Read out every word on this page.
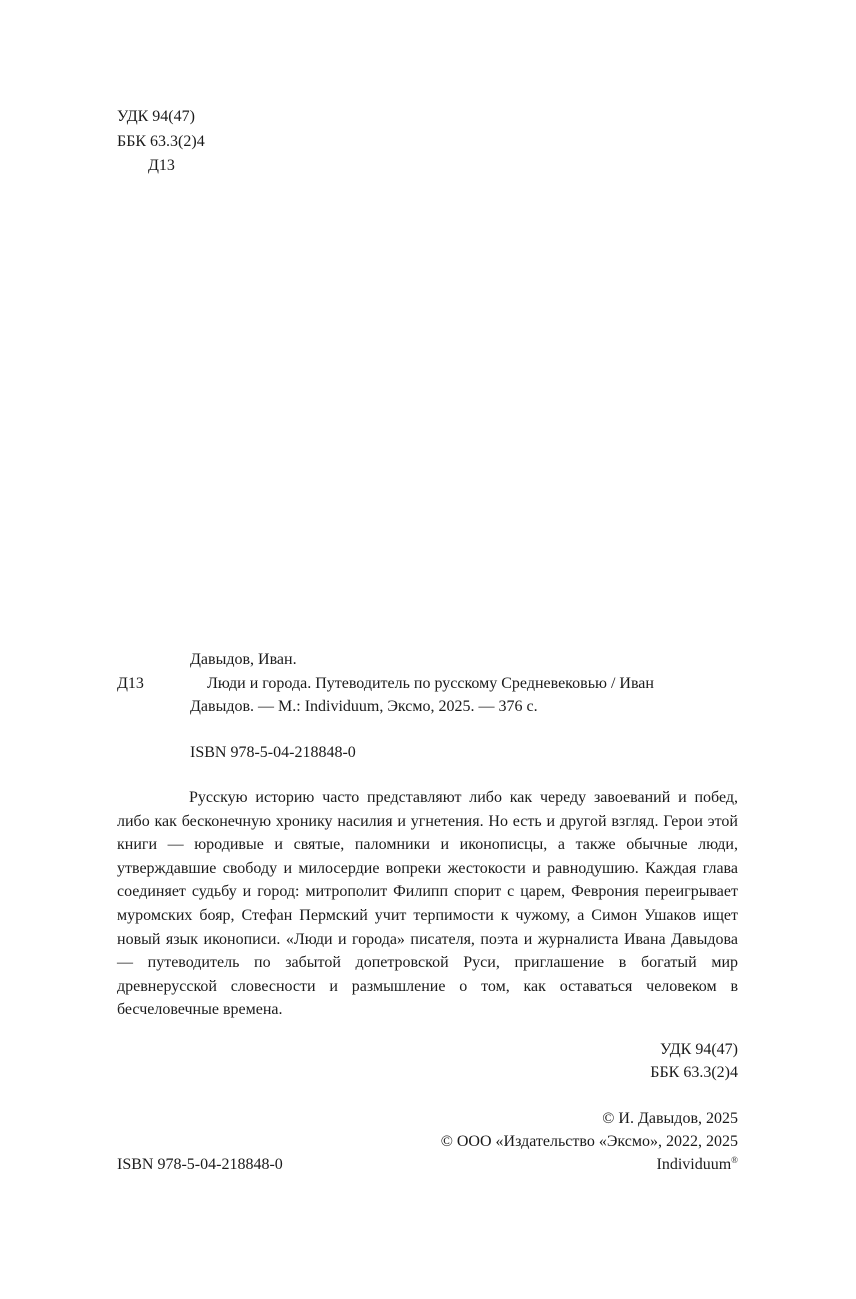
УДК 94(47)
ББК 63.3(2)4
Д13
Давыдов, Иван.
Д13	Люди и города. Путеводитель по русскому Средневековью / Иван
Давыдов. — М.: Individuum, Эксмо, 2025. — 376 с.
ISBN 978-5-04-218848-0

Русскую историю часто представляют либо как череду завоеваний и побед, либо как бесконечную хронику насилия и угнетения. Но есть и другой взгляд. Герои этой книги — юродивые и святые, паломники и иконописцы, а также обычные люди, утверждавшие свободу и милосердие вопреки жестокости и равнодушию. Каждая глава соединяет судьбу и город: митрополит Филипп спорит с царем, Феврония переигрывает муромских бояр, Стефан Пермский учит терпимости к чужому, а Симон Ушаков ищет новый язык иконописи. «Люди и города» писателя, поэта и журналиста Ивана Давыдова — путеводитель по забытой допетровской Руси, приглашение в богатый мир древнерусской словесности и размышление о том, как оставаться человеком в бесчеловечные времена.

УДК 94(47)
ББК 63.3(2)4
© И. Давыдов, 2025
© ООО «Издательство «Эксмо», 2022, 2025
Individuum®
ISBN 978-5-04-218848-0
